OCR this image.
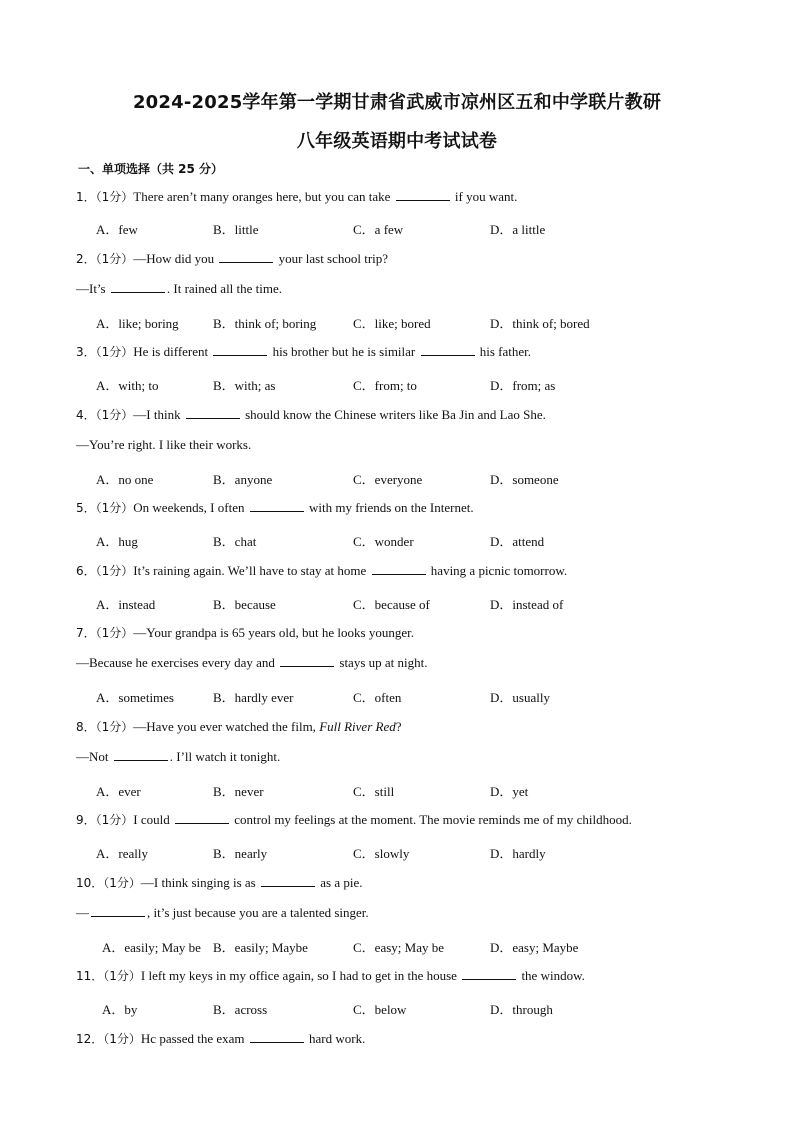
2024-2025学年第一学期甘肃省武威市凉州区五和中学联片教研
八年级英语期中考试试卷
一、单项选择（共 25 分）
1．（1分）There aren’t many oranges here, but you can take	if you want.
A．few	B．little	C．a few	D．a little
2．（1分）—How did you	your last school trip?
—It’s	. It rained all the time.
A．like; boring	B．think of; boring	C．like; bored	D．think of; bored
3．（1分）He is different	his brother but he is similar	his father.
A．with; to	B．with; as	C．from; to	D．from; as
4．（1分）—I think	should know the Chinese writers like Ba Jin and Lao She.
—You’re right. I like their works.
A．no one	B．anyone	C．everyone	D．someone
5．（1分）On weekends, I often	with my friends on the Internet.
A．hug	B．chat	C．wonder	D．attend
6．（1分）It’s raining again. We’ll have to stay at home	having a picnic tomorrow.
A．instead	B．because	C．because of	D．instead of
7．（1分）—Your grandpa is 65 years old, but he looks younger.
—Because he exercises every day and	stays up at night.
A．sometimes	B．hardly ever	C．often	D．usually
8．（1分）—Have you ever watched the film, Full River Red?
—Not	. I’ll watch it tonight.
A．ever	B．never	C．still	D．yet
9．（1分）I could	control my feelings at the moment. The movie reminds me of my childhood.
A．really	B．nearly	C．slowly	D．hardly
10．（1分）—I think singing is as	as a pie.
—	, it’s just because you are a talented singer.
A．easily; May be B．easily; Maybe	C．easy; May be	D．easy; Maybe
11．（1分）I left my keys in my office again, so I had to get in the house	the window.
A．by	B．across	C．below	D．through
12．（1分）Hc passed the exam	hard work.
